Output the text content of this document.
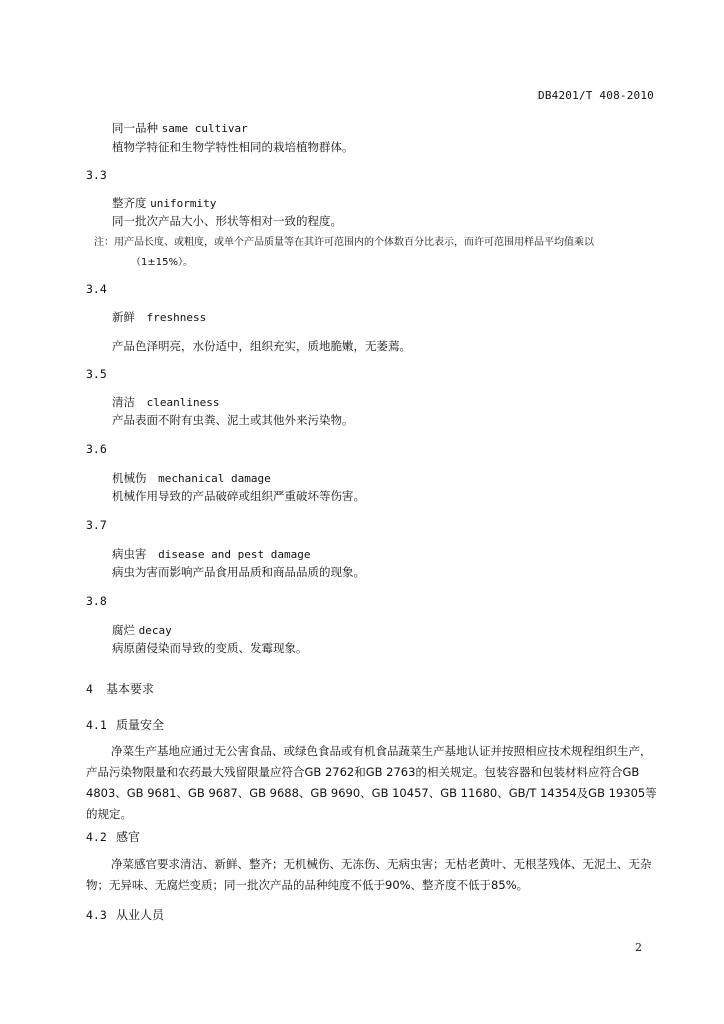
DB4201/T 408-2010
同一品种 same cultivar
植物学特征和生物学特性相同的栽培植物群体。
3.3
整齐度 uniformity
同一批次产品大小、形状等相对一致的程度。
注：用产品长度、或粗度，或单个产品质量等在其许可范围内的个体数百分比表示，而许可范围用样品平均值乘以
（1±15%）。
3.4
新鲜 freshness
产品色泽明亮，水份适中，组织充实，质地脆嫩，无萎蔫。
3.5
清洁 cleanliness
产品表面不附有虫粪、泥土或其他外来污染物。
3.6
机械伤 mechanical damage
机械作用导致的产品破碎或组织严重破坏等伤害。
3.7
病虫害 disease and pest damage
病虫为害而影响产品食用品质和商品品质的现象。
3.8
腐烂 decay
病原菌侵染而导致的变质、发霉现象。
4 基本要求
4.1 质量安全
净菜生产基地应通过无公害食品、或绿色食品或有机食品蔬菜生产基地认证并按照相应技术规程组织生产，产品污染物限量和农药最大残留限量应符合GB 2762和GB 2763的相关规定。包装容器和包装材料应符合GB 4803、GB 9681、GB 9687、GB 9688、GB 9690、GB 10457、GB 11680、GB/T 14354及GB 19305等的规定。
4.2 感官
净菜感官要求清洁、新鲜、整齐；无机械伤、无冻伤、无病虫害；无枯老黄叶、无根茎残体、无泥土、无杂物；无异味、无腐烂变质；同一批次产品的品种纯度不低于90%、整齐度不低于85%。
4.3 从业人员
2
